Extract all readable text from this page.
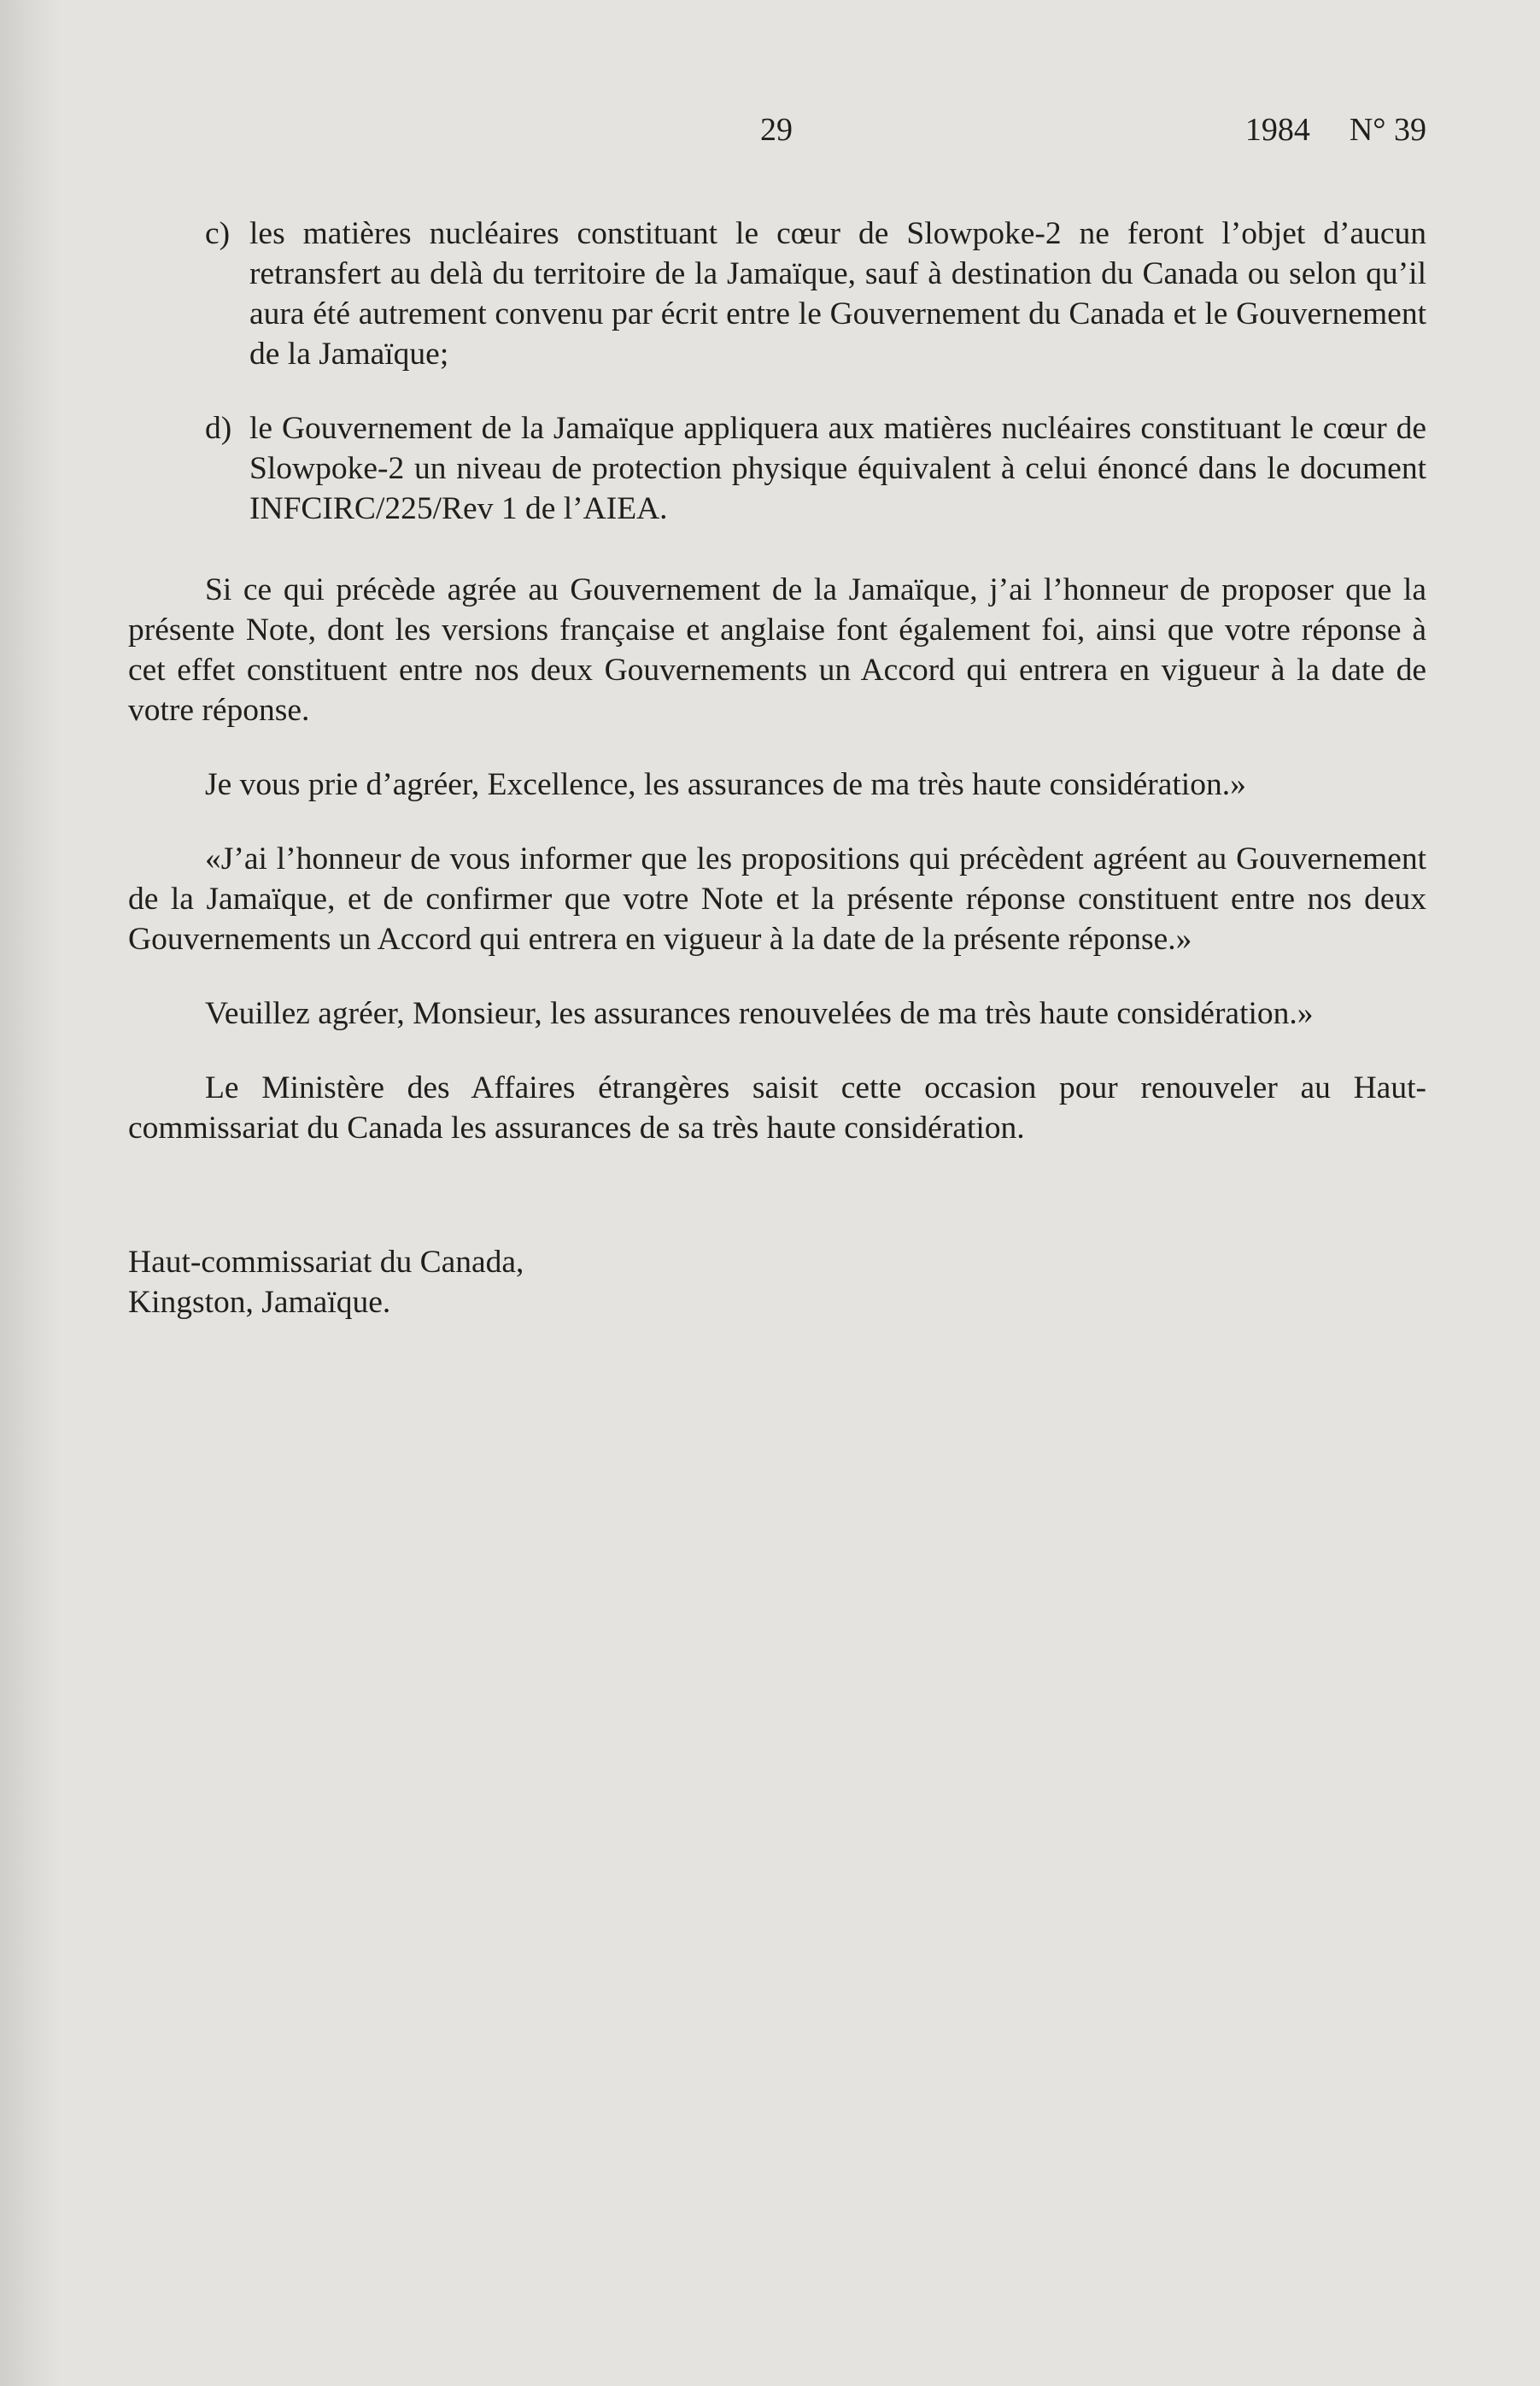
29	1984 N° 39
c) les matières nucléaires constituant le cœur de Slowpoke-2 ne feront l’objet d’aucun retransfert au delà du territoire de la Jamaïque, sauf à destination du Canada ou selon qu’il aura été autrement convenu par écrit entre le Gouvernement du Canada et le Gouvernement de la Jamaïque;
d) le Gouvernement de la Jamaïque appliquera aux matières nucléaires constituant le cœur de Slowpoke-2 un niveau de protection physique équivalent à celui énoncé dans le document INFCIRC/225/Rev 1 de l’AIEA.

Si ce qui précède agrée au Gouvernement de la Jamaïque, j’ai l’honneur de proposer que la présente Note, dont les versions française et anglaise font également foi, ainsi que votre réponse à cet effet constituent entre nos deux Gouvernements un Accord qui entrera en vigueur à la date de votre réponse.

Je vous prie d’agréer, Excellence, les assurances de ma très haute considération.»

«J’ai l’honneur de vous informer que les propositions qui précèdent agréent au Gouvernement de la Jamaïque, et de confirmer que votre Note et la présente réponse constituent entre nos deux Gouvernements un Accord qui entrera en vigueur à la date de la présente réponse.»

Veuillez agréer, Monsieur, les assurances renouvelées de ma très haute considération.»

Le Ministère des Affaires étrangères saisit cette occasion pour renouveler au Haut-commissariat du Canada les assurances de sa très haute considération.

Haut-commissariat du Canada,
Kingston, Jamaïque.
